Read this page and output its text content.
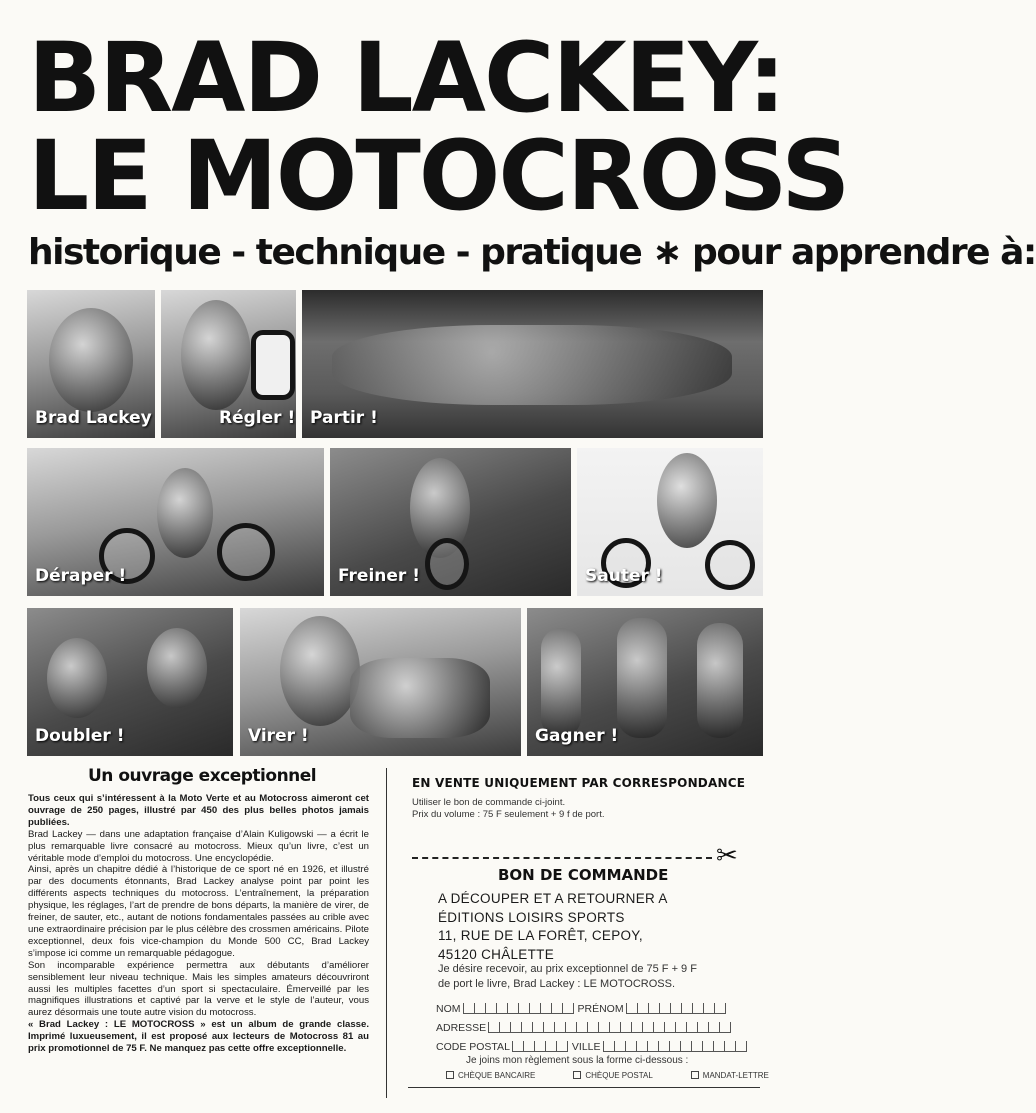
BRAD LACKEY:
LE MOTOCROSS
historique - technique - pratique ∗ pour apprendre à:
Brad Lackey	Régler ! Partir !
Déraper !	Freiner !	Sauter !
Doubler !	Virer !	Gagner !
Un ouvrage exceptionnel

Tous ceux qui s’intéressent à la Moto Verte et au Motocross aimeront cet ouvrage de 250 pages, illustré par 450 des plus belles photos jamais publiées.

Brad Lackey — dans une adaptation française d’Alain Kuligowski — a écrit le plus remarquable livre consacré au motocross. Mieux qu’un livre, c’est un véritable mode d’emploi du motocross. Une encyclopédie.

Ainsi, après un chapitre dédié à l’historique de ce sport né en 1926, et illustré par des documents étonnants, Brad Lackey analyse point par point les différents aspects techniques du motocross. L’entraînement, la préparation physique, les réglages, l’art de prendre de bons départs, la manière de virer, de freiner, de sauter, etc., autant de notions fondamentales passées au crible avec une extraordinaire précision par le plus célèbre des crossmen américains. Pilote exceptionnel, deux fois vice-champion du Monde 500 CC, Brad Lackey s’impose ici comme un remarquable pédagogue.

Son incomparable expérience permettra aux débutants d’améliorer sensiblement leur niveau technique. Mais les simples amateurs découvriront aussi les multiples facettes d’un sport si spectaculaire. Émerveillé par les magnifiques illustrations et captivé par la verve et le style de l’auteur, vous aurez désormais une toute autre vision du motocross.

« Brad Lackey : LE MOTOCROSS » est un album de grande classe. Imprimé luxueusement, il est proposé aux lecteurs de Motocross 81 au prix promotionnel de 75 F. Ne manquez pas cette offre exceptionnelle.

EN VENTE UNIQUEMENT PAR CORRESPONDANCE
Utiliser le bon de commande ci-joint.
Prix du volume : 75 F seulement + 9 f de port.
✂
BON DE COMMANDE
A DÉCOUPER ET A RETOURNER A
ÉDITIONS LOISIRS SPORTS
11, RUE DE LA FORÊT, CEPOY,
45120 CHÂLETTE
Je désire recevoir, au prix exceptionnel de 75 F + 9 F
de port le livre, Brad Lackey : LE MOTOCROSS.
NOM	PRÉNOM
ADRESSE
CODE POSTAL	VILLE
Je joins mon règlement sous la forme ci-dessous :
CHÈQUE BANCAIRE	CHÈQUE POSTAL	MANDAT-LETTRE
